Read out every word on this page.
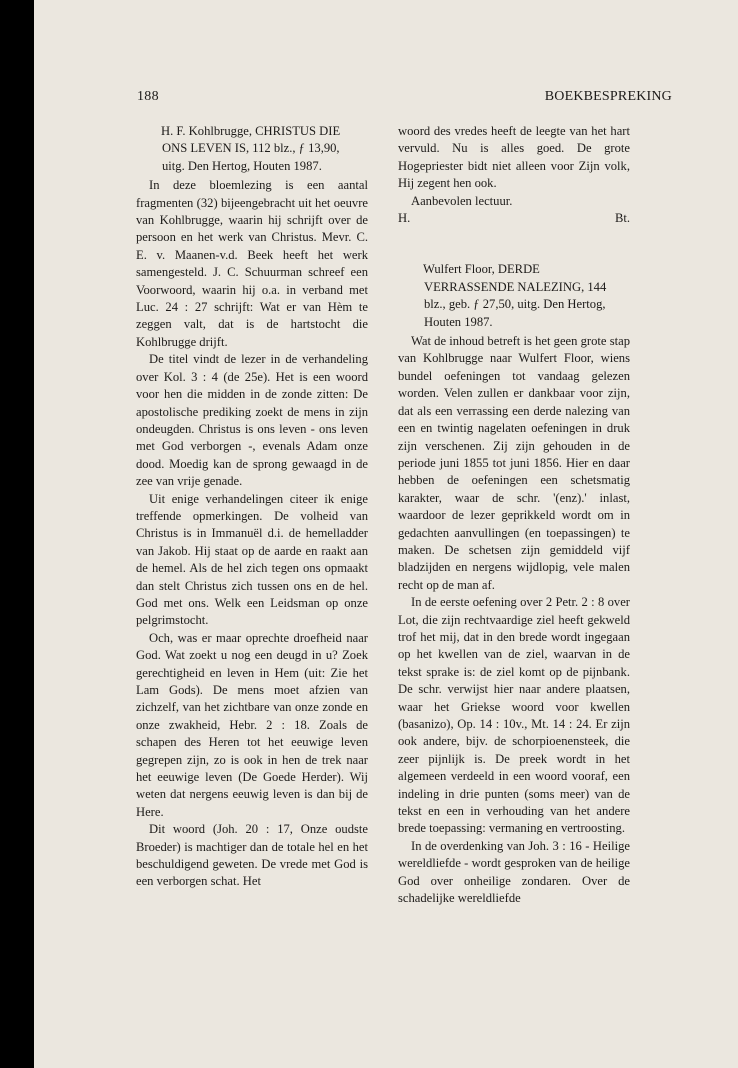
188	BOEKBESPREKING
H. F. Kohlbrugge, CHRISTUS DIE ONS LEVEN IS, 112 blz., ƒ 13,90, uitg. Den Hertog, Houten 1987.

In deze bloemlezing is een aantal fragmenten (32) bijeengebracht uit het oeuvre van Kohlbrugge, waarin hij schrijft over de persoon en het werk van Christus. Mevr. C. E. v. Maanen-v.d. Beek heeft het werk samengesteld. J. C. Schuurman schreef een Voorwoord, waarin hij o.a. in verband met Luc. 24 : 27 schrijft: Wat er van Hèm te zeggen valt, dat is de hartstocht die Kohlbrugge drijft.

De titel vindt de lezer in de verhandeling over Kol. 3 : 4 (de 25e). Het is een woord voor hen die midden in de zonde zitten: De apostolische prediking zoekt de mens in zijn ondeugden. Christus is ons leven - ons leven met God verborgen -, evenals Adam onze dood. Moedig kan de sprong gewaagd in de zee van vrije genade.

Uit enige verhandelingen citeer ik enige treffende opmerkingen. De volheid van Christus is in Immanuël d.i. de hemelladder van Jakob. Hij staat op de aarde en raakt aan de hemel. Als de hel zich tegen ons opmaakt dan stelt Christus zich tussen ons en de hel. God met ons. Welk een Leidsman op onze pelgrimstocht.

Och, was er maar oprechte droefheid naar God. Wat zoekt u nog een deugd in u? Zoek gerechtigheid en leven in Hem (uit: Zie het Lam Gods). De mens moet afzien van zichzelf, van het zichtbare van onze zonde en onze zwakheid, Hebr. 2 : 18. Zoals de schapen des Heren tot het eeuwige leven gegrepen zijn, zo is ook in hen de trek naar het eeuwige leven (De Goede Herder). Wij weten dat nergens eeuwig leven is dan bij de Here.

Dit woord (Joh. 20 : 17, Onze oudste Broeder) is machtiger dan de totale hel en het beschuldigend geweten. De vrede met God is een verborgen schat. Het

woord des vredes heeft de leegte van het hart vervuld. Nu is alles goed. De grote Hogepriester bidt niet alleen voor Zijn volk, Hij zegent hen ook.

Aanbevolen lectuur.

H.	Bt.
Wulfert Floor, DERDE VERRASSENDE NALEZING, 144 blz., geb. ƒ 27,50, uitg. Den Hertog, Houten 1987.

Wat de inhoud betreft is het geen grote stap van Kohlbrugge naar Wulfert Floor, wiens bundel oefeningen tot vandaag gelezen worden. Velen zullen er dankbaar voor zijn, dat als een verrassing een derde nalezing van een en twintig nagelaten oefeningen in druk zijn verschenen. Zij zijn gehouden in de periode juni 1855 tot juni 1856. Hier en daar hebben de oefeningen een schetsmatig karakter, waar de schr. '(enz).' inlast, waardoor de lezer geprikkeld wordt om in gedachten aanvullingen (en toepassingen) te maken. De schetsen zijn gemiddeld vijf bladzijden en nergens wijdlopig, vele malen recht op de man af.

In de eerste oefening over 2 Petr. 2 : 8 over Lot, die zijn rechtvaardige ziel heeft gekweld trof het mij, dat in den brede wordt ingegaan op het kwellen van de ziel, waarvan in de tekst sprake is: de ziel komt op de pijnbank. De schr. verwijst hier naar andere plaatsen, waar het Griekse woord voor kwellen (basanizo), Op. 14 : 10v., Mt. 14 : 24. Er zijn ook andere, bijv. de schorpioenensteek, die zeer pijnlijk is. De preek wordt in het algemeen verdeeld in een woord vooraf, een indeling in drie punten (soms meer) van de tekst en een in verhouding van het andere brede toepassing: vermaning en vertroosting.

In de overdenking van Joh. 3 : 16 - Heilige wereldliefde - wordt gesproken van de heilige God over onheilige zondaren. Over de schadelijke wereldliefde
